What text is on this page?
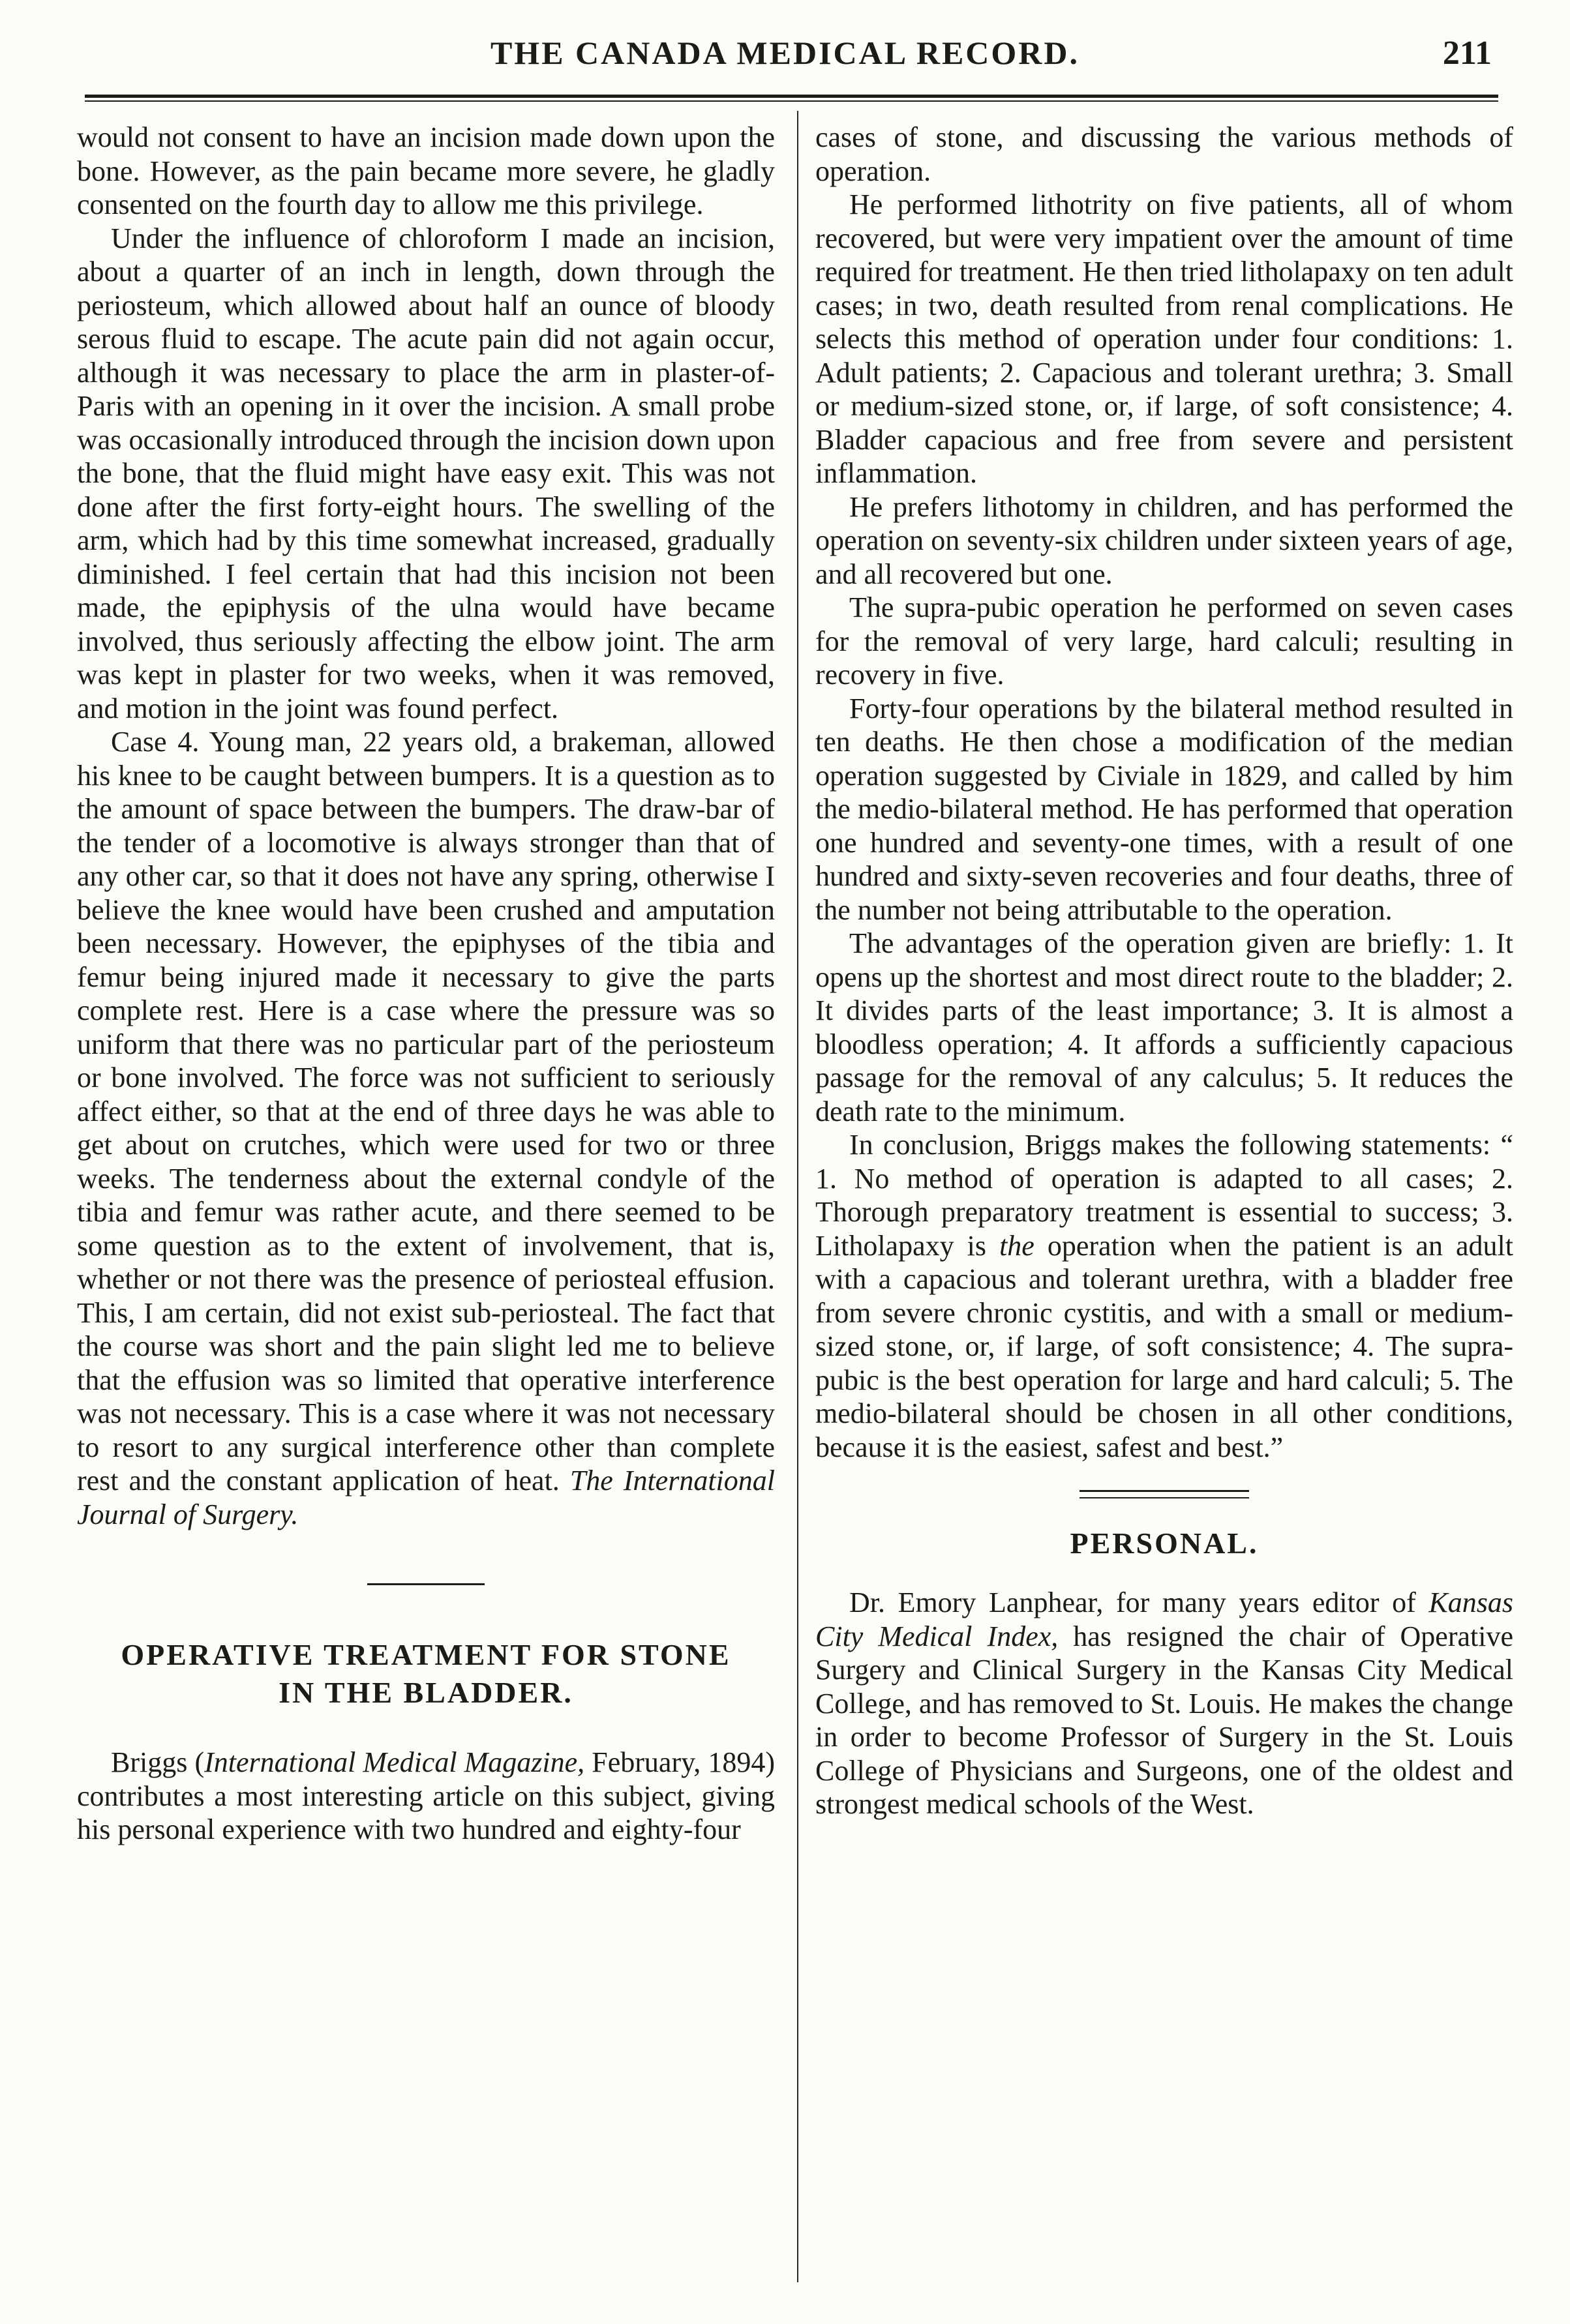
THE CANADA MEDICAL RECORD.	211

would not consent to have an incision made down upon the bone. However, as the pain became more severe, he gladly consented on the fourth day to allow me this privilege.

Under the influence of chloroform I made an incision, about a quarter of an inch in length, down through the periosteum, which allowed about half an ounce of bloody serous fluid to escape. The acute pain did not again occur, although it was necessary to place the arm in plaster-of-Paris with an opening in it over the incision. A small probe was occasionally introduced through the incision down upon the bone, that the fluid might have easy exit. This was not done after the first forty-eight hours. The swelling of the arm, which had by this time somewhat increased, gradually diminished. I feel certain that had this incision not been made, the epiphysis of the ulna would have became involved, thus seriously affecting the elbow joint. The arm was kept in plaster for two weeks, when it was removed, and motion in the joint was found perfect.

Case 4. Young man, 22 years old, a brakeman, allowed his knee to be caught between bumpers. It is a question as to the amount of space between the bumpers. The draw-bar of the tender of a locomotive is always stronger than that of any other car, so that it does not have any spring, otherwise I believe the knee would have been crushed and amputation been necessary. However, the epiphyses of the tibia and femur being injured made it necessary to give the parts complete rest. Here is a case where the pressure was so uniform that there was no particular part of the periosteum or bone involved. The force was not sufficient to seriously affect either, so that at the end of three days he was able to get about on crutches, which were used for two or three weeks. The tenderness about the external condyle of the tibia and femur was rather acute, and there seemed to be some question as to the extent of involvement, that is, whether or not there was the presence of periosteal effusion. This, I am certain, did not exist sub-periosteal. The fact that the course was short and the pain slight led me to believe that the effusion was so limited that operative interference was not necessary. This is a case where it was not necessary to resort to any surgical interference other than complete rest and the constant application of heat. The International Journal of Surgery.

OPERATIVE TREATMENT FOR STONE
IN THE BLADDER.

Briggs (International Medical Magazine, February, 1894) contributes a most interesting article on this subject, giving his personal experience with two hundred and eighty-four

cases of stone, and discussing the various methods of operation.

He performed lithotrity on five patients, all of whom recovered, but were very impatient over the amount of time required for treatment. He then tried litholapaxy on ten adult cases; in two, death resulted from renal complications. He selects this method of operation under four conditions: 1. Adult patients; 2. Capacious and tolerant urethra; 3. Small or medium-sized stone, or, if large, of soft consistence; 4. Bladder capacious and free from severe and persistent inflammation.

He prefers lithotomy in children, and has performed the operation on seventy-six children under sixteen years of age, and all recovered but one.

The supra-pubic operation he performed on seven cases for the removal of very large, hard calculi; resulting in recovery in five.

Forty-four operations by the bilateral method resulted in ten deaths. He then chose a modification of the median operation suggested by Civiale in 1829, and called by him the medio-bilateral method. He has performed that operation one hundred and seventy-one times, with a result of one hundred and sixty-seven recoveries and four deaths, three of the number not being attributable to the operation.

The advantages of the operation given are briefly: 1. It opens up the shortest and most direct route to the bladder; 2. It divides parts of the least importance; 3. It is almost a bloodless operation; 4. It affords a sufficiently capacious passage for the removal of any calculus; 5. It reduces the death rate to the minimum.

In conclusion, Briggs makes the following statements: “ 1. No method of operation is adapted to all cases; 2. Thorough preparatory treatment is essential to success; 3. Litholapaxy is the operation when the patient is an adult with a capacious and tolerant urethra, with a bladder free from severe chronic cystitis, and with a small or medium-sized stone, or, if large, of soft consistence; 4. The supra-pubic is the best operation for large and hard calculi; 5. The medio-bilateral should be chosen in all other conditions, because it is the easiest, safest and best.”

PERSONAL.

Dr. Emory Lanphear, for many years editor of Kansas City Medical Index, has resigned the chair of Operative Surgery and Clinical Surgery in the Kansas City Medical College, and has removed to St. Louis. He makes the change in order to become Professor of Surgery in the St. Louis College of Physicians and Surgeons, one of the oldest and strongest medical schools of the West.
